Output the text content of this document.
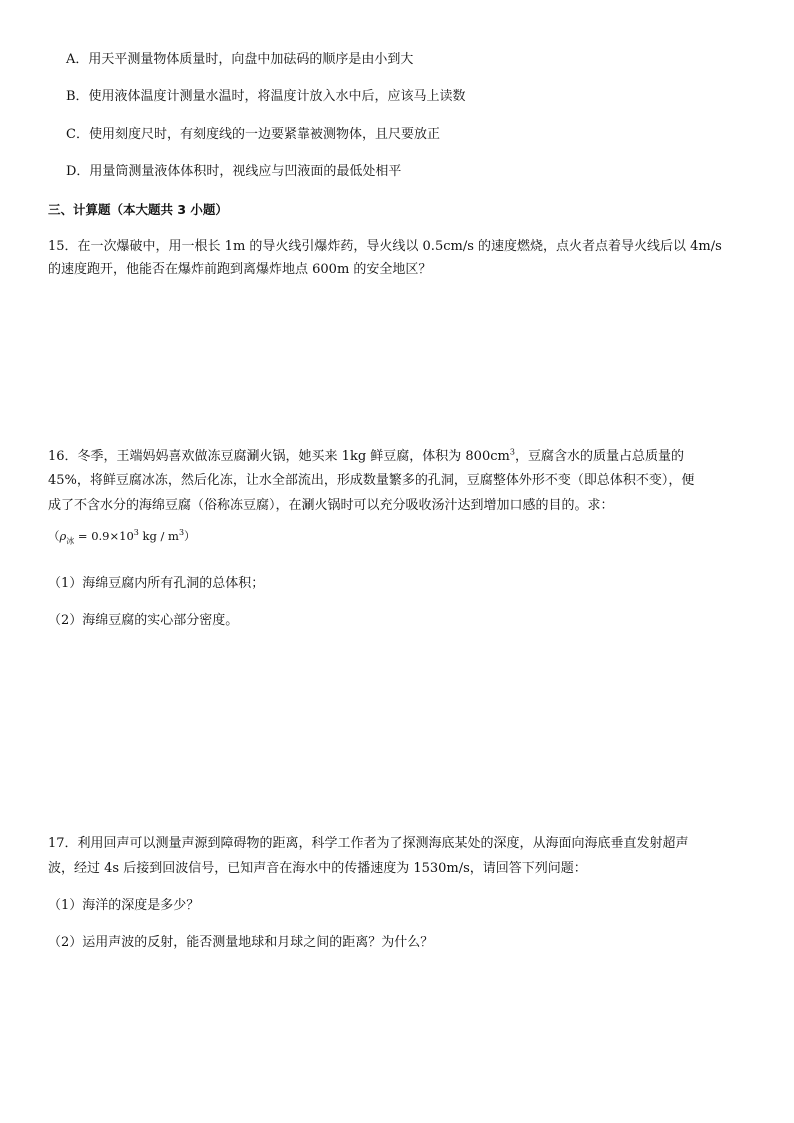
A．用天平测量物体质量时，向盘中加砝码的顺序是由小到大
B．使用液体温度计测量水温时，将温度计放入水中后，应该马上读数
C．使用刻度尺时，有刻度线的一边要紧靠被测物体，且尺要放正
D．用量筒测量液体体积时，视线应与凹液面的最低处相平
三、计算题（本大题共 3 小题）
15．在一次爆破中，用一根长 1m 的导火线引爆炸药，导火线以 0.5cm/s 的速度燃烧，点火者点着导火线后以 4m/s
的速度跑开，他能否在爆炸前跑到离爆炸地点 600m 的安全地区？
16．冬季，王端妈妈喜欢做冻豆腐涮火锅，她买来 1kg 鲜豆腐，体积为 $800cm^3$，豆腐含水的质量占总质量的
45%，将鲜豆腐冰冻，然后化冻，让水全部流出，形成数量繁多的孔洞，豆腐整体外形不变（即总体积不变），便
成了不含水分的海绵豆腐（俗称冻豆腐），在涮火锅时可以充分吸收汤汁达到增加口感的目的。求：
（$\rho_冰 = 0.9\times 10^3$ kg / $m^3$）
（1）海绵豆腐内所有孔洞的总体积；
（2）海绵豆腐的实心部分密度。
17．利用回声可以测量声源到障碍物的距离，科学工作者为了探测海底某处的深度，从海面向海底垂直发射超声
波，经过 4s 后接到回波信号，已知声音在海水中的传播速度为 1530m/s，请回答下列问题：
（1）海洋的深度是多少？
（2）运用声波的反射，能否测量地球和月球之间的距离？为什么？
